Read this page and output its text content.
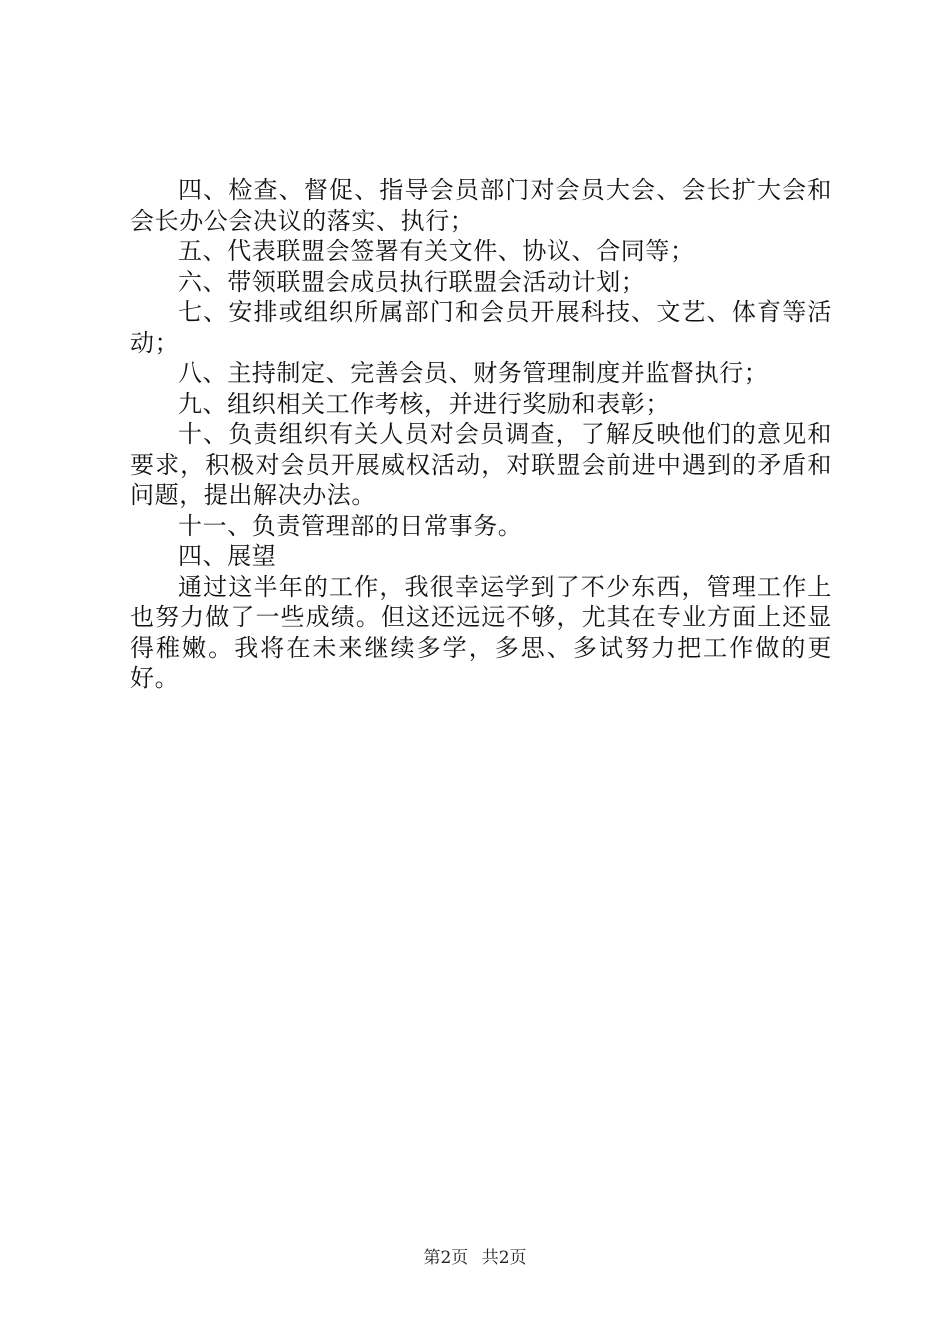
四、检查、督促、指导会员部门对会员大会、会长扩大会和会长办公会决议的落实、执行；

五、代表联盟会签署有关文件、协议、合同等；

六、带领联盟会成员执行联盟会活动计划；

七、安排或组织所属部门和会员开展科技、文艺、体育等活动；

八、主持制定、完善会员、财务管理制度并监督执行；

九、组织相关工作考核，并进行奖励和表彰；

十、负责组织有关人员对会员调查，了解反映他们的意见和要求，积极对会员开展威权活动，对联盟会前进中遇到的矛盾和问题，提出解决办法。

十一、负责管理部的日常事务。

四、展望

通过这半年的工作，我很幸运学到了不少东西，管理工作上也努力做了一些成绩。但这还远远不够，尤其在专业方面上还显得稚嫩。我将在未来继续多学，多思、多试努力把工作做的更好。

第2页 共2页
